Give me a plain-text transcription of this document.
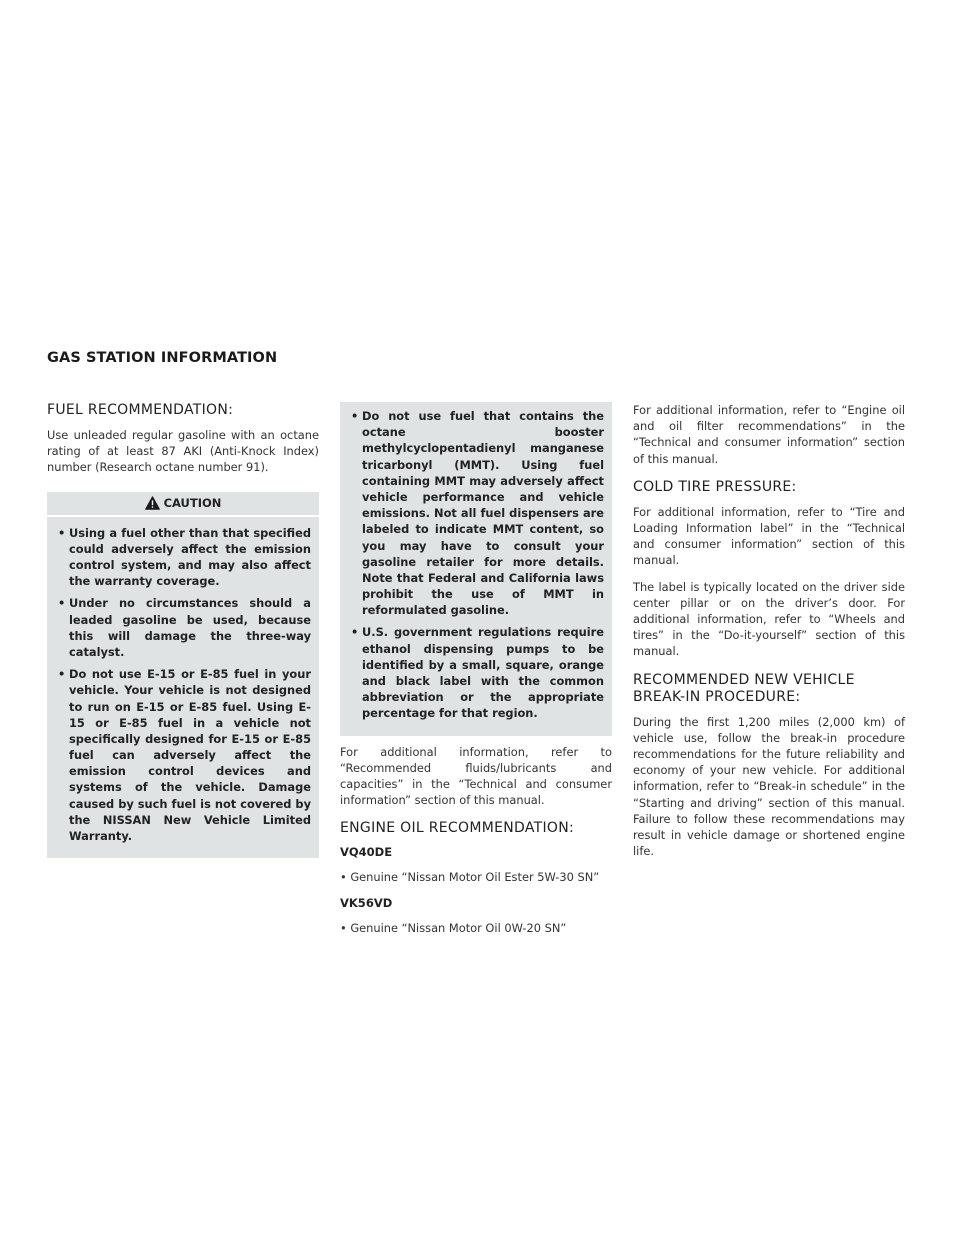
GAS STATION INFORMATION
FUEL RECOMMENDATION:

Use unleaded regular gasoline with an octane rating of at least 87 AKI (Anti-Knock Index) number (Research octane number 91).

CAUTION

• Using a fuel other than that specified could adversely affect the emission control system, and may also affect the warranty coverage.

• Under no circumstances should a leaded gasoline be used, because this will damage the three-way catalyst.

• Do not use E-15 or E-85 fuel in your vehicle. Your vehicle is not designed to run on E-15 or E-85 fuel. Using E-15 or E-85 fuel in a vehicle not specifically designed for E-15 or E-85 fuel can adversely affect the emission control devices and systems of the vehicle. Damage caused by such fuel is not covered by the NISSAN New Vehicle Limited Warranty.

• Do not use fuel that contains the octane booster methylcyclopentadienyl manganese tricarbonyl (MMT). Using fuel containing MMT may adversely affect vehicle performance and vehicle emissions. Not all fuel dispensers are labeled to indicate MMT content, so you may have to consult your gasoline retailer for more details. Note that Federal and California laws prohibit the use of MMT in reformulated gasoline.

• U.S. government regulations require ethanol dispensing pumps to be identified by a small, square, orange and black label with the common abbreviation or the appropriate percentage for that region.

For additional information, refer to “Recommended fluids/lubricants and capacities” in the “Technical and consumer information” section of this manual.

ENGINE OIL RECOMMENDATION:

VQ40DE

• Genuine “Nissan Motor Oil Ester 5W-30 SN”

VK56VD

• Genuine “Nissan Motor Oil 0W-20 SN”

For additional information, refer to “Engine oil and oil filter recommendations” in the “Technical and consumer information” section of this manual.

COLD TIRE PRESSURE:

For additional information, refer to “Tire and Loading Information label” in the “Technical and consumer information” section of this manual.

The label is typically located on the driver side center pillar or on the driver’s door. For additional information, refer to “Wheels and tires” in the “Do-it-yourself” section of this manual.

RECOMMENDED NEW VEHICLE
BREAK-IN PROCEDURE:

During the first 1,200 miles (2,000 km) of vehicle use, follow the break-in procedure recommendations for the future reliability and economy of your new vehicle. For additional information, refer to “Break-in schedule” in the “Starting and driving” section of this manual. Failure to follow these recommendations may result in vehicle damage or shortened engine life.
